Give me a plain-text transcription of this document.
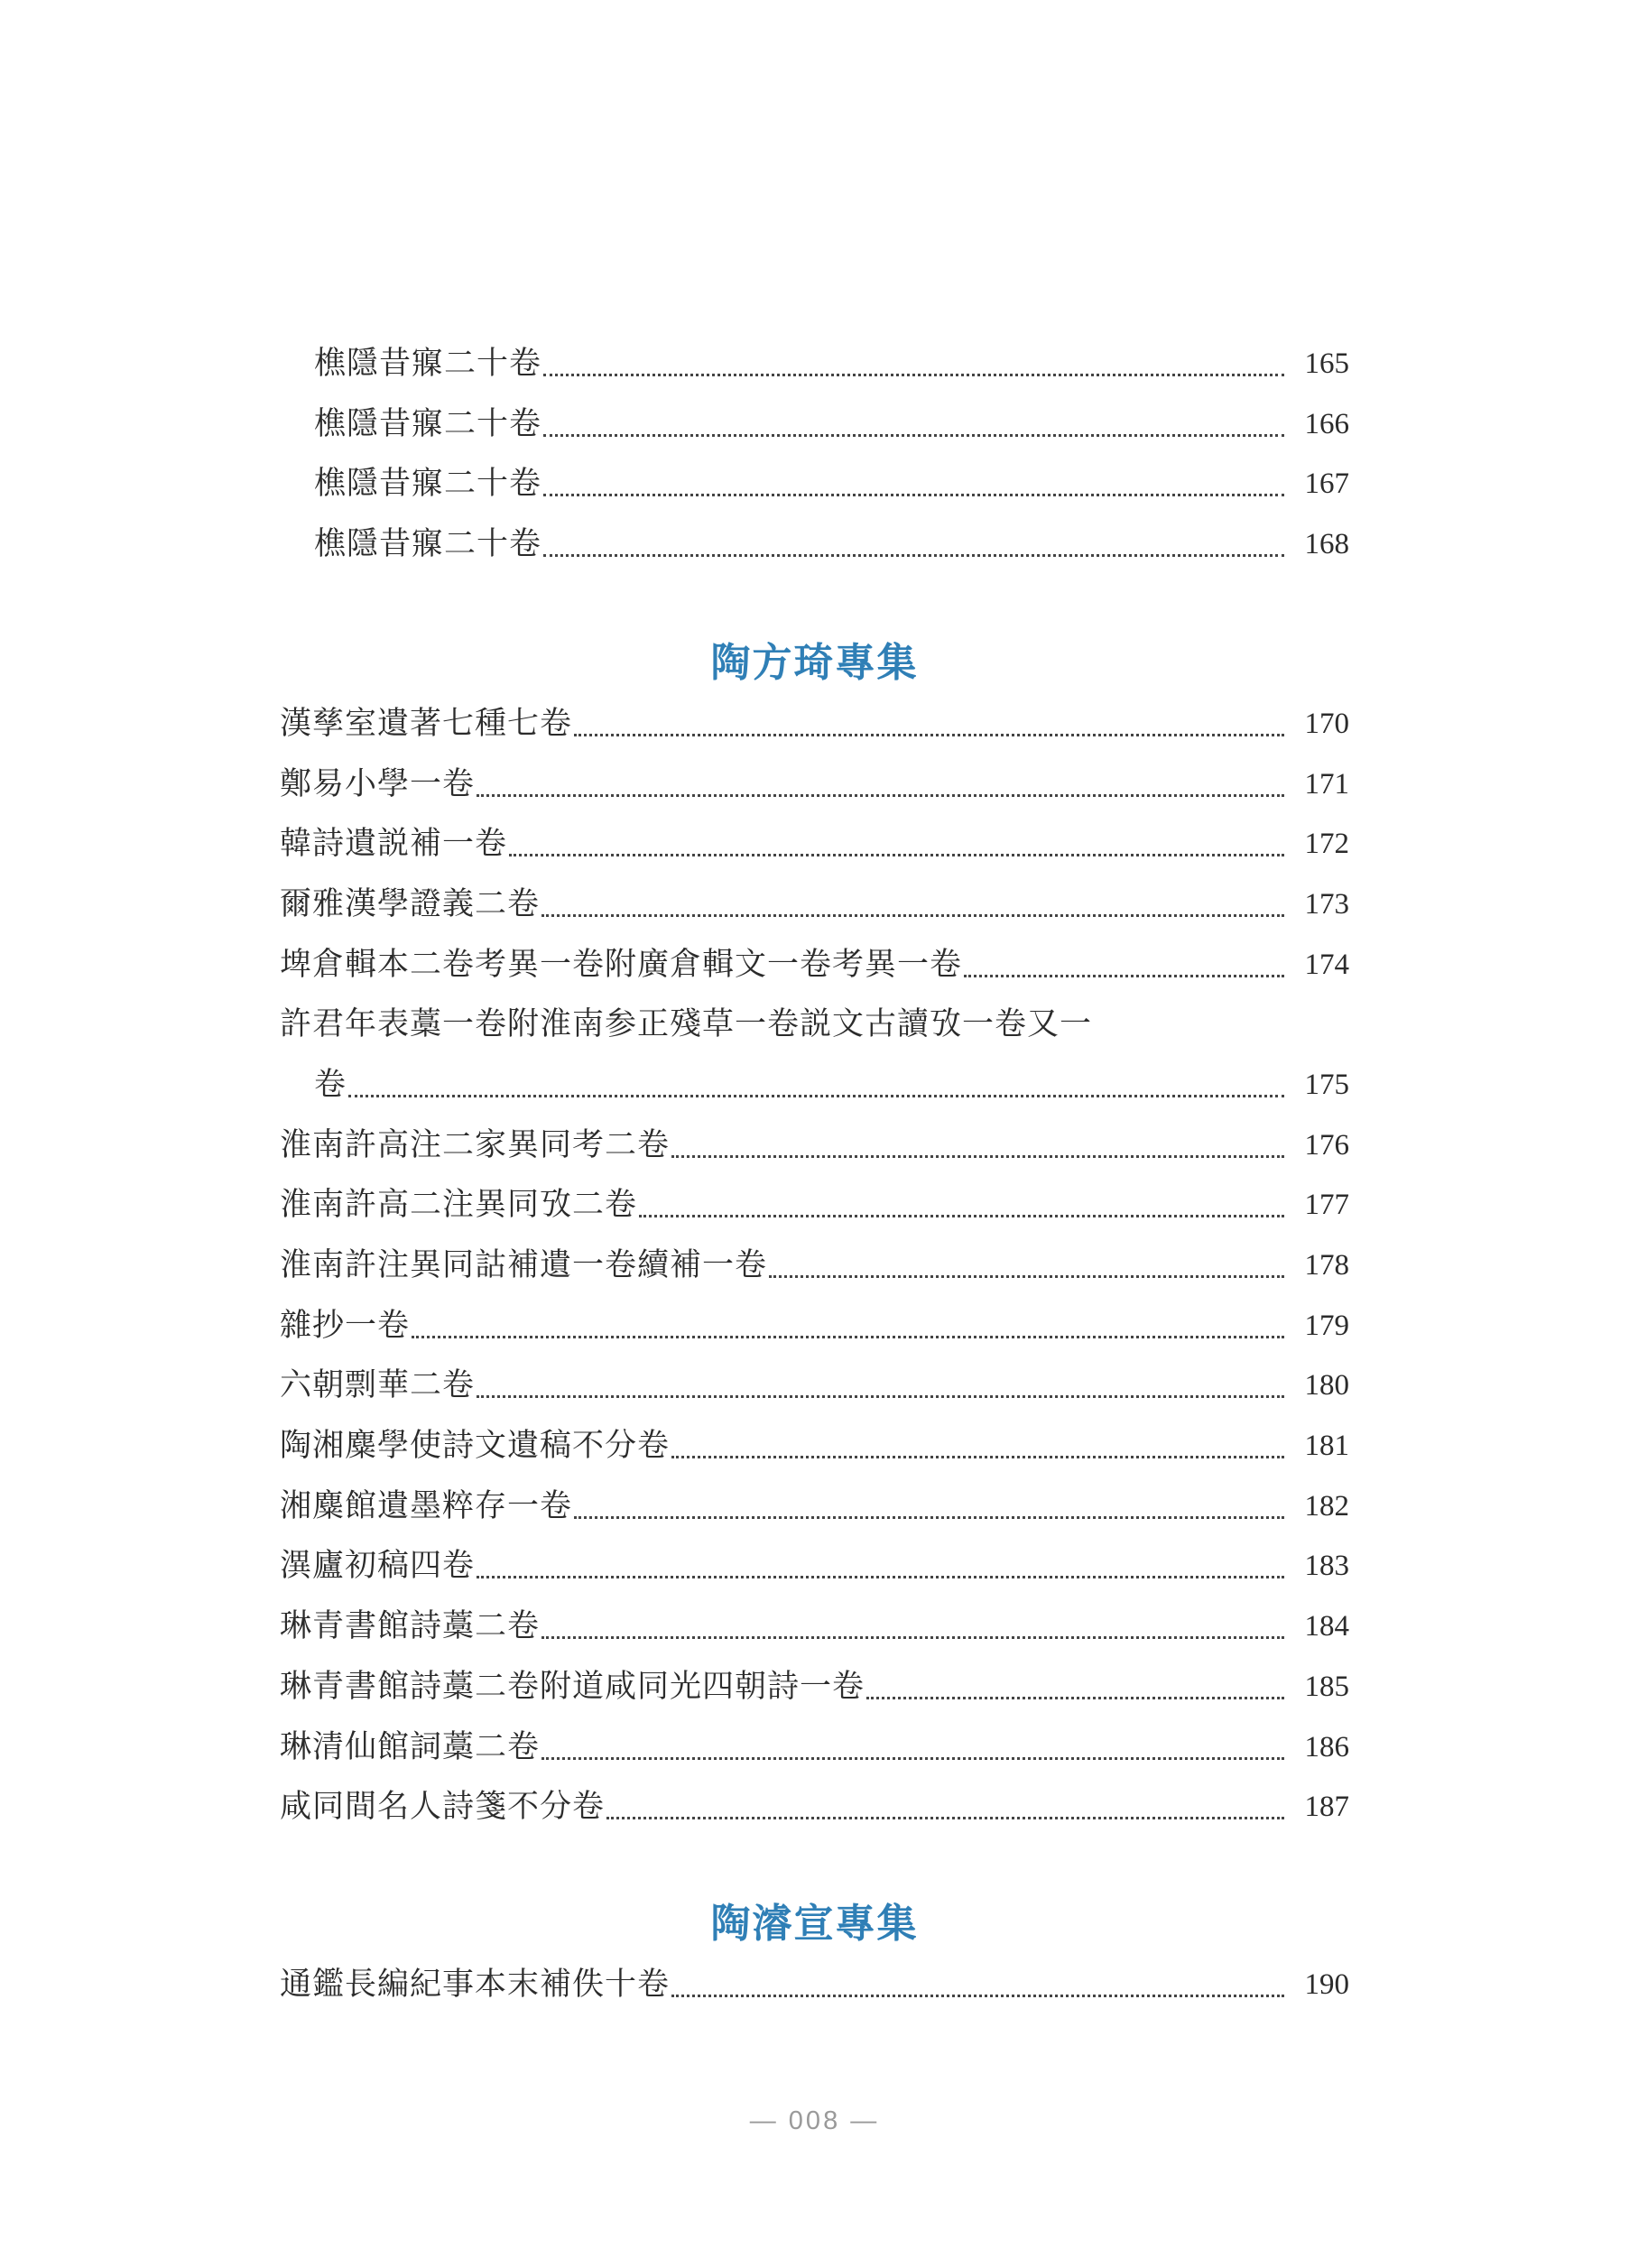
樵隱昔寱二十卷	165
樵隱昔寱二十卷	166
樵隱昔寱二十卷	167
樵隱昔寱二十卷	168
陶方琦專集
漢孳室遺著七種七卷	170
鄭易小學一卷	171
韓詩遺説補一卷	172
爾雅漢學證義二卷	173
埤倉輯本二卷考異一卷附廣倉輯文一卷考異一卷	174
許君年表藁一卷附淮南参正殘草一卷説文古讀攷一卷又一
卷	175
淮南許高注二家異同考二卷	176
淮南許高二注異同攷二卷	177
淮南許注異同詁補遺一卷續補一卷	178
雜抄一卷	179
六朝剽華二卷	180
陶湘麋學使詩文遺稿不分卷	181
湘麋館遺墨粹存一卷	182
潩廬初稿四卷	183
琳青書館詩藁二卷	184
琳青書館詩藁二卷附道咸同光四朝詩一卷	185
琳清仙館詞藁二卷	186
咸同間名人詩箋不分卷	187
陶濬宣專集
通鑑長編紀事本末補佚十卷	190
— 008 —
